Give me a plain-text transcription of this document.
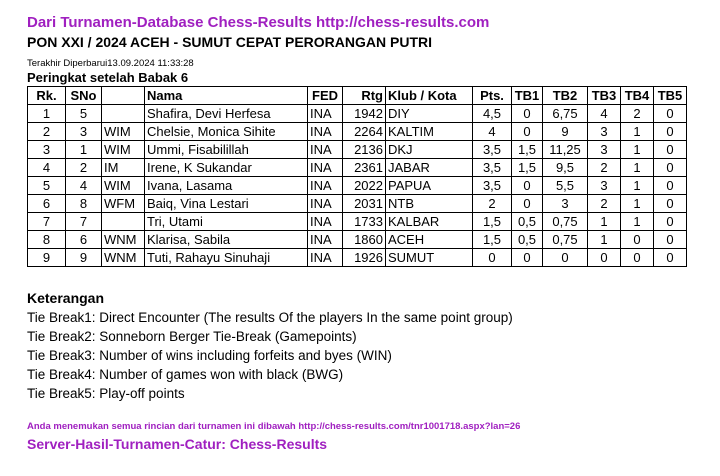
Dari Turnamen-Database Chess-Results http://chess-results.com
PON XXI / 2024 ACEH - SUMUT CEPAT PERORANGAN PUTRI
Terakhir Diperbarui13.09.2024 11:33:28
Peringkat setelah Babak 6
Rk.	SNo		Nama	FED	Rtg	Klub / Kota	Pts.	TB1	TB2	TB3	TB4	TB5
1	5		Shafira, Devi Herfesa	INA	1942	DIY	4,5	0	6,75	4	2	0
2	3	WIM	Chelsie, Monica Sihite	INA	2264	KALTIM	4	0	9	3	1	0
3	1	WIM	Ummi, Fisabilillah	INA	2136	DKJ	3,5	1,5	11,25	3	1	0
4	2	IM	Irene, K Sukandar	INA	2361	JABAR	3,5	1,5	9,5	2	1	0
5	4	WIM	Ivana, Lasama	INA	2022	PAPUA	3,5	0	5,5	3	1	0
6	8	WFM	Baiq, Vina Lestari	INA	2031	NTB	2	0	3	2	1	0
7	7		Tri, Utami	INA	1733	KALBAR	1,5	0,5	0,75	1	1	0
8	6	WNM	Klarisa, Sabila	INA	1860	ACEH	1,5	0,5	0,75	1	0	0
9	9	WNM	Tuti, Rahayu Sinuhaji	INA	1926	SUMUT	0	0	0	0	0	0
Keterangan
Tie Break1: Direct Encounter (The results Of the players In the same point group)
Tie Break2: Sonneborn Berger Tie-Break (Gamepoints)
Tie Break3: Number of wins including forfeits and byes (WIN)
Tie Break4: Number of games won with black (BWG)
Tie Break5: Play-off points
Anda menemukan semua rincian dari turnamen ini dibawah http://chess-results.com/tnr1001718.aspx?lan=26
Server-Hasil-Turnamen-Catur: Chess-Results
